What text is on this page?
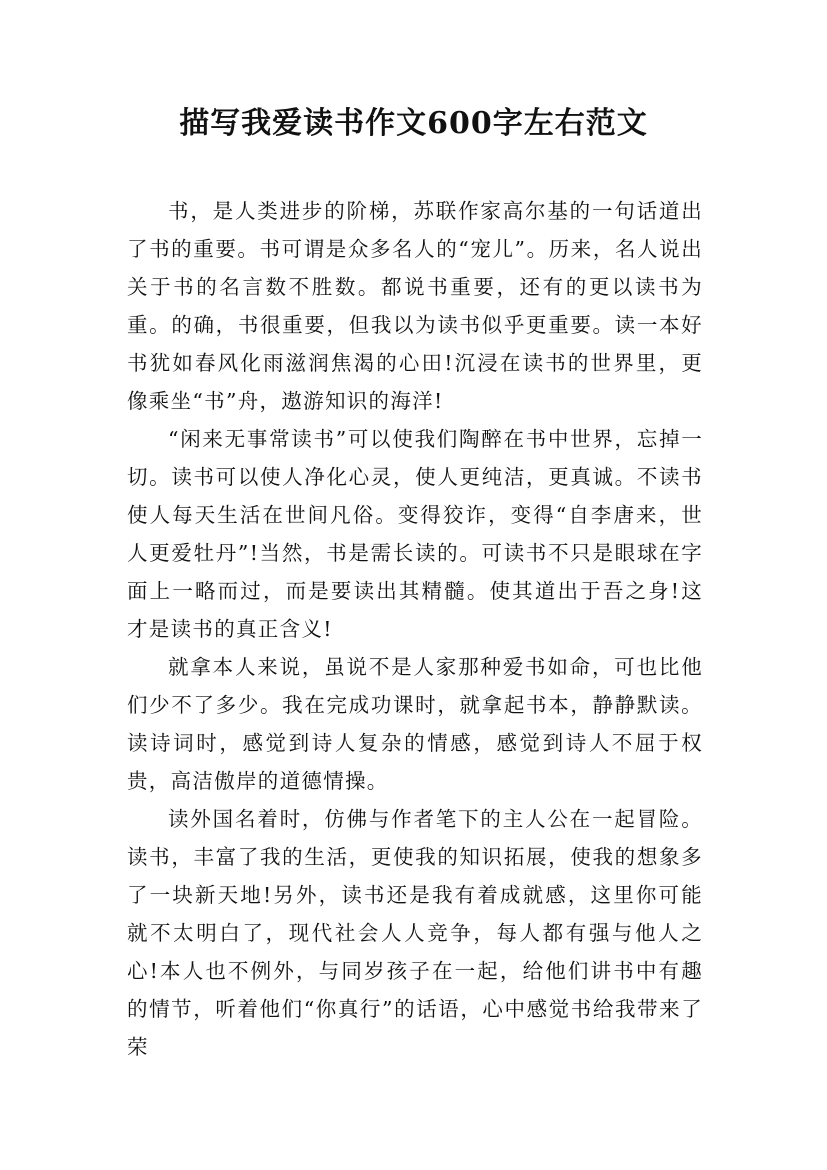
描写我爱读书作文600字左右范文

书，是人类进步的阶梯，苏联作家高尔基的一句话道出了书的重要。书可谓是众多名人的“宠儿”。历来，名人说出关于书的名言数不胜数。都说书重要，还有的更以读书为重。的确，书很重要，但我以为读书似乎更重要。读一本好书犹如春风化雨滋润焦渴的心田!沉浸在读书的世界里，更像乘坐“书”舟，遨游知识的海洋!

“闲来无事常读书”可以使我们陶醉在书中世界，忘掉一切。读书可以使人净化心灵，使人更纯洁，更真诚。不读书使人每天生活在世间凡俗。变得狡诈，变得“自李唐来，世人更爱牡丹”!当然，书是需长读的。可读书不只是眼球在字面上一略而过，而是要读出其精髓。使其道出于吾之身!这才是读书的真正含义!

就拿本人来说，虽说不是人家那种爱书如命，可也比他们少不了多少。我在完成功课时，就拿起书本，静静默读。读诗词时，感觉到诗人复杂的情感，感觉到诗人不屈于权贵，高洁傲岸的道德情操。

读外国名着时，仿佛与作者笔下的主人公在一起冒险。读书，丰富了我的生活，更使我的知识拓展，使我的想象多了一块新天地!另外，读书还是我有着成就感，这里你可能就不太明白了，现代社会人人竞争，每人都有强与他人之心!本人也不例外，与同岁孩子在一起，给他们讲书中有趣的情节，听着他们“你真行”的话语，心中感觉书给我带来了荣
